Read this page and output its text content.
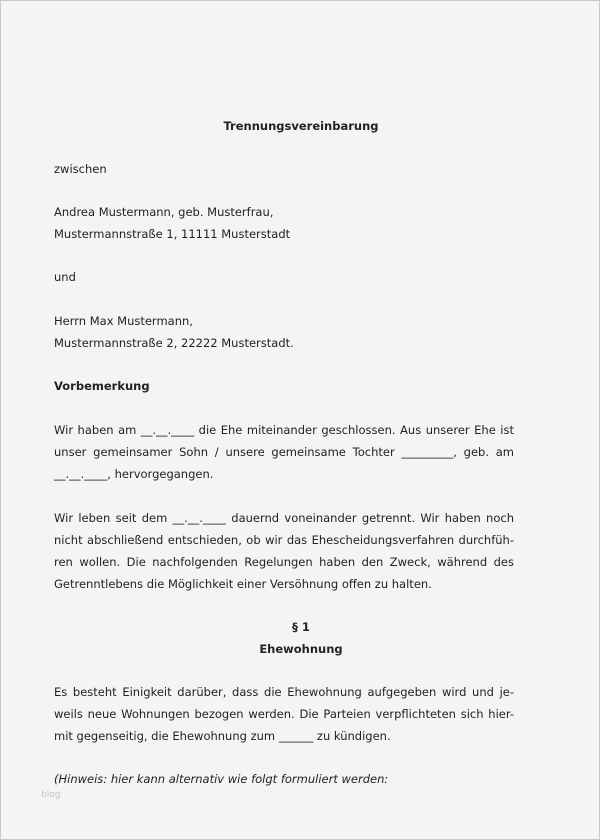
Trennungsvereinbarung
zwischen
Andrea Mustermann, geb. Musterfrau,
Mustermannstraße 1, 11111 Musterstadt
und
Herrn Max Mustermann,
Mustermannstraße 2, 22222 Musterstadt.
Vorbemerkung
Wir haben am __.__.____ die Ehe miteinander geschlossen. Aus unserer Ehe ist
unser gemeinsamer Sohn / unsere gemeinsame Tochter _________, geb. am
__.__.____, hervorgegangen.
Wir leben seit dem __.__.____ dauernd voneinander getrennt. Wir haben noch
nicht abschließend entschieden, ob wir das Ehescheidungsverfahren durchfüh-
ren wollen. Die nachfolgenden Regelungen haben den Zweck, während des
Getrenntlebens die Möglichkeit einer Versöhnung offen zu halten.
§ 1
Ehewohnung
Es besteht Einigkeit darüber, dass die Ehewohnung aufgegeben wird und je-
weils neue Wohnungen bezogen werden. Die Parteien verpflichteten sich hier-
mit gegenseitig, die Ehewohnung zum ______ zu kündigen.
(Hinweis: hier kann alternativ wie folgt formuliert werden:
blog
